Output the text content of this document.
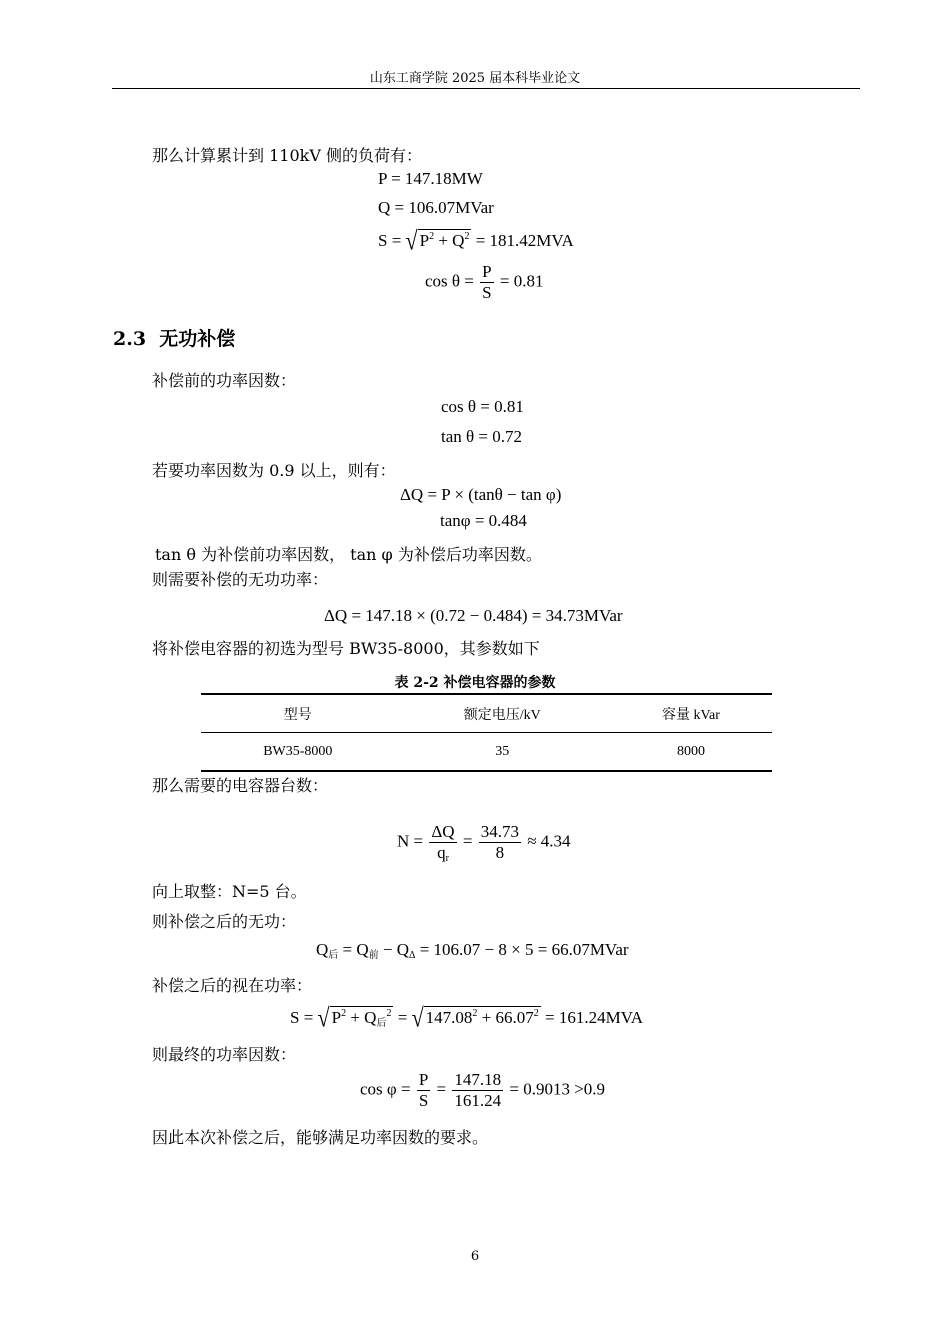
山东工商学院 2025 届本科毕业论文
那么计算累计到 110kV 侧的负荷有：
P = 147.18MW
Q = 106.07MVar
S = √ $P^2 + Q^2 = 181.42MVA$
$\cos \theta = \frac{P}{S} = 0.81$
2.3 无功补偿
补偿前的功率因数：
cos θ = 0.81
tan θ = 0.72
若要功率因数为 0.9 以上，则有：
ΔQ = P × (tanθ − tan φ)
tanφ = 0.484
tan θ 为补偿前功率因数， tan φ 为补偿后功率因数。
则需要补偿的无功功率：
ΔQ = 147.18 × (0.72 − 0.484) = 34.73MVar
将补偿电容器的初选为型号 BW35-8000，其参数如下
表 2-2 补偿电容器的参数
型号	额定电压/kV	容量 kVar
BW35-8000	35	8000
那么需要的电容器台数：
$N = \frac{\Delta Q}{q_r} = \frac{34.73}{8} \approx 4.34$
向上取整：N=5 台。
则补偿之后的无功：
$Q_后 = Q_前 - Q_\Delta = 106.07 - 8 \times 5$ = 66.07MVar
补偿之后的视在功率：
S = √ $P^2 + Q_后^2$ = √ $147.08^2 + 66.07^2 = 161.24MVA$
则最终的功率因数：
$\cos \varphi = \frac{P}{S} = \frac{147.18}{161.24} = 0.9013 >0.9$
因此本次补偿之后，能够满足功率因数的要求。
6
